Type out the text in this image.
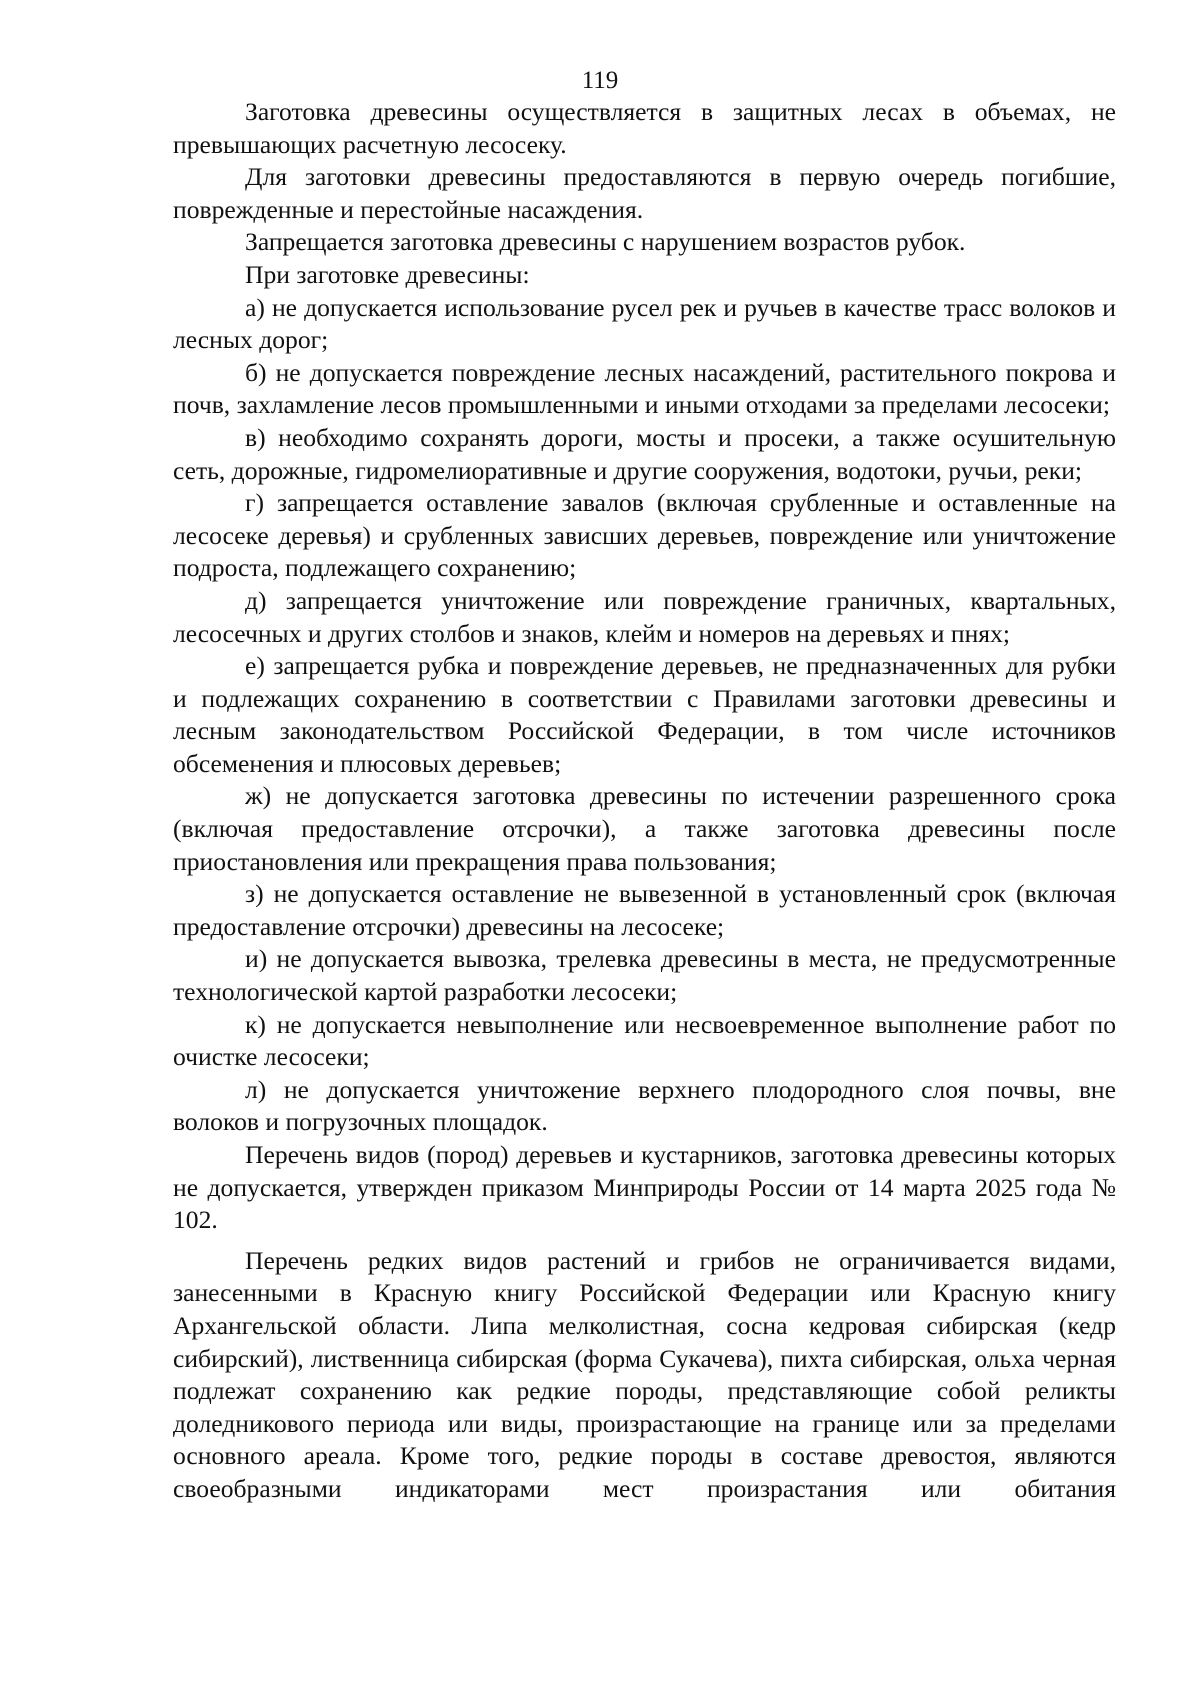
119

Заготовка древесины осуществляется в защитных лесах в объемах, не превышающих расчетную лесосеку.

Для заготовки древесины предоставляются в первую очередь погибшие, поврежденные и перестойные насаждения.

Запрещается заготовка древесины с нарушением возрастов рубок.

При заготовке древесины:

а) не допускается использование русел рек и ручьев в качестве трасс волоков и лесных дорог;

б) не допускается повреждение лесных насаждений, растительного покрова и почв, захламление лесов промышленными и иными отходами за пределами лесосеки;

в) необходимо сохранять дороги, мосты и просеки, а также осушительную сеть, дорожные, гидромелиоративные и другие сооружения, водотоки, ручьи, реки;

г) запрещается оставление завалов (включая срубленные и оставленные на лесосеке деревья) и срубленных зависших деревьев, повреждение или уничтожение подроста, подлежащего сохранению;

д) запрещается уничтожение или повреждение граничных, квартальных, лесосечных и других столбов и знаков, клейм и номеров на деревьях и пнях;

е) запрещается рубка и повреждение деревьев, не предназначенных для рубки и подлежащих сохранению в соответствии с Правилами заготовки древесины и лесным законодательством Российской Федерации, в том числе источников обсеменения и плюсовых деревьев;

ж) не допускается заготовка древесины по истечении разрешенного срока (включая предоставление отсрочки), а также заготовка древесины после приостановления или прекращения права пользования;

з) не допускается оставление не вывезенной в установленный срок (включая предоставление отсрочки) древесины на лесосеке;

и) не допускается вывозка, трелевка древесины в места, не предусмотренные технологической картой разработки лесосеки;

к) не допускается невыполнение или несвоевременное выполнение работ по очистке лесосеки;

л) не допускается уничтожение верхнего плодородного слоя почвы, вне волоков и погрузочных площадок.

Перечень видов (пород) деревьев и кустарников, заготовка древесины которых не допускается, утвержден приказом Минприроды России от 14 марта 2025 года № 102.

Перечень редких видов растений и грибов не ограничивается видами, занесенными в Красную книгу Российской Федерации или Красную книгу Архангельской области. Липа мелколистная, сосна кедровая сибирская (кедр сибирский), лиственница сибирская (форма Сукачева), пихта сибирская, ольха черная подлежат сохранению как редкие породы, представляющие собой реликты доледникового периода или виды, произрастающие на границе или за пределами основного ареала. Кроме того, редкие породы в составе древостоя, являются своеобразными индикаторами мест произрастания или обитания
